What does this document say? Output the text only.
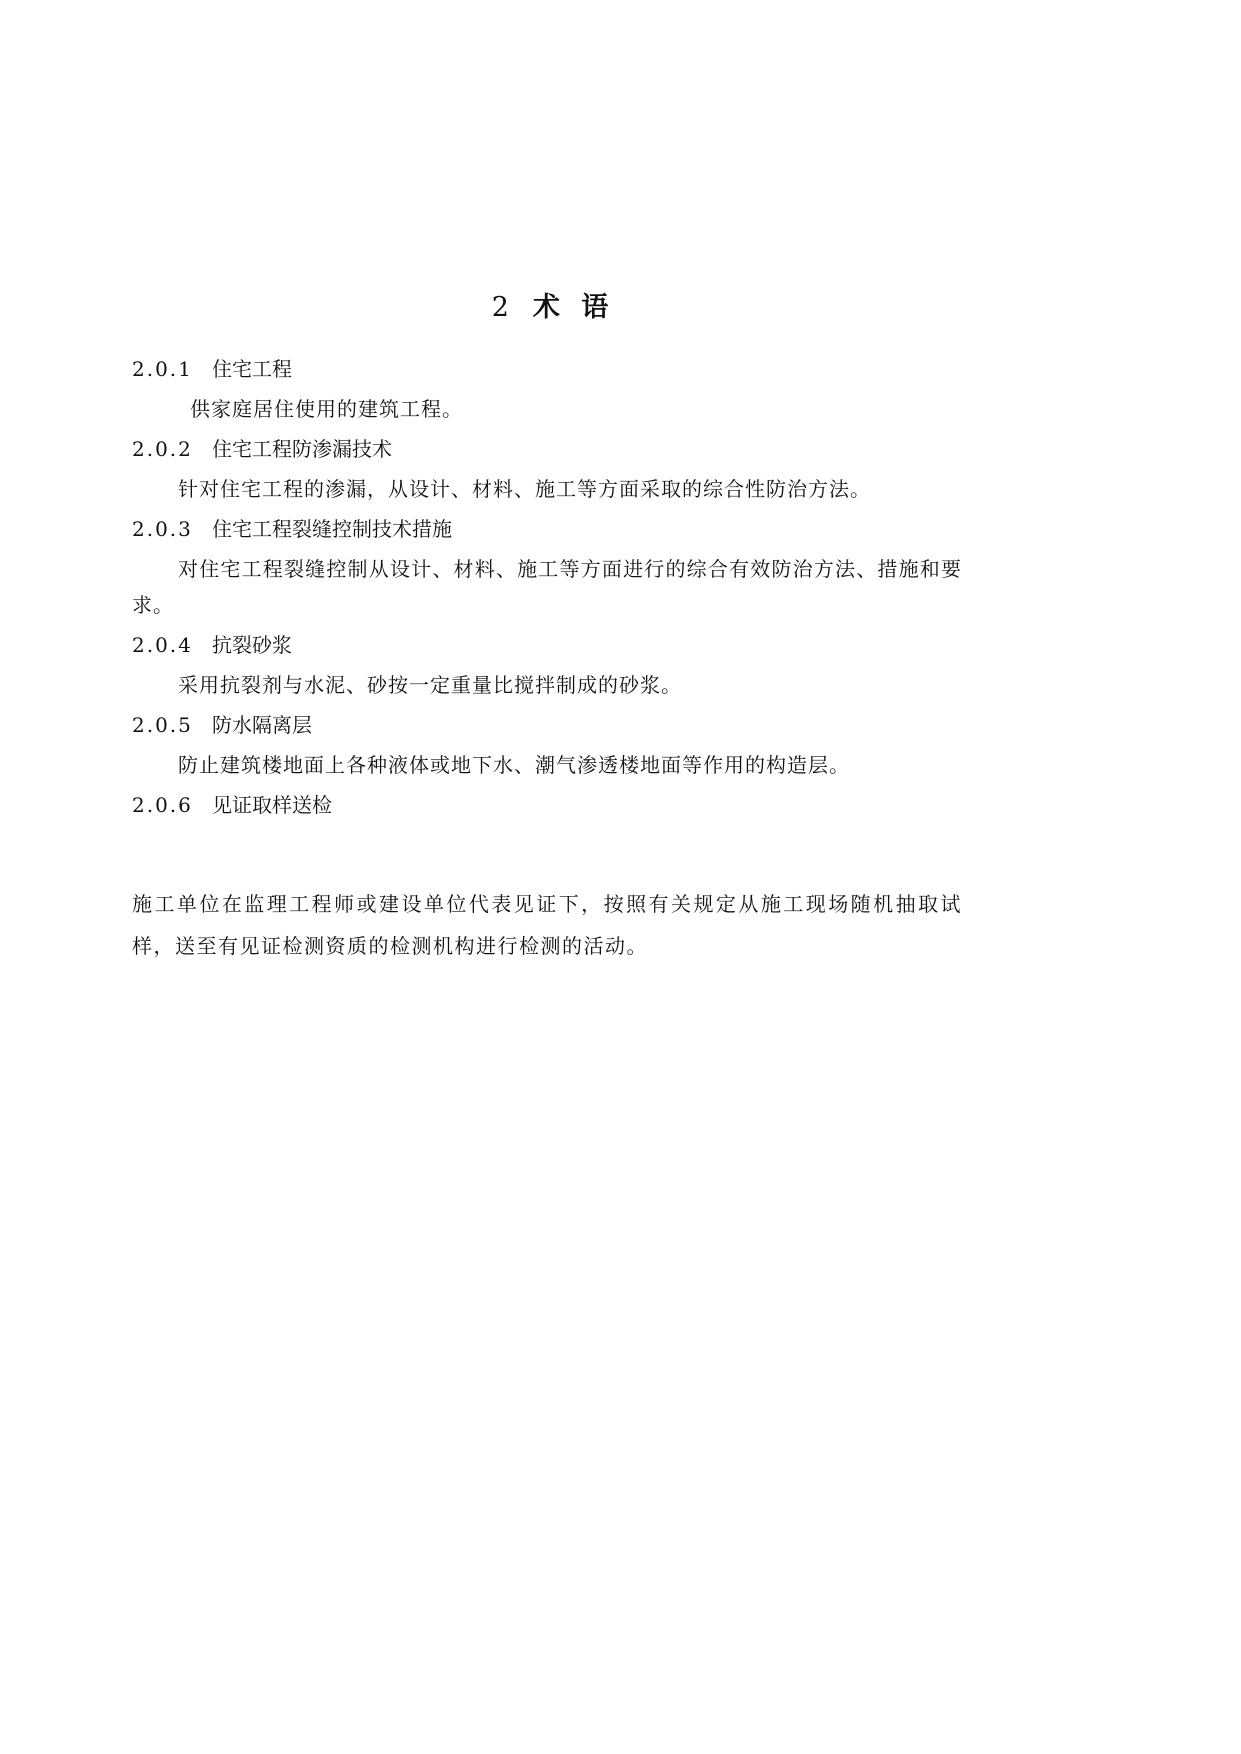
2 术 语
2.0.1 住宅工程

供家庭居住使用的建筑工程。

2.0.2 住宅工程防渗漏技术

针对住宅工程的渗漏，从设计、材料、施工等方面采取的综合性防治方法。

2.0.3 住宅工程裂缝控制技术措施

对住宅工程裂缝控制从设计、材料、施工等方面进行的综合有效防治方法、措施和要求。

2.0.4 抗裂砂浆

采用抗裂剂与水泥、砂按一定重量比搅拌制成的砂浆。

2.0.5 防水隔离层

防止建筑楼地面上各种液体或地下水、潮气渗透楼地面等作用的构造层。

2.0.6 见证取样送检

施工单位在监理工程师或建设单位代表见证下，按照有关规定从施工现场随机抽取试样，送至有见证检测资质的检测机构进行检测的活动。
